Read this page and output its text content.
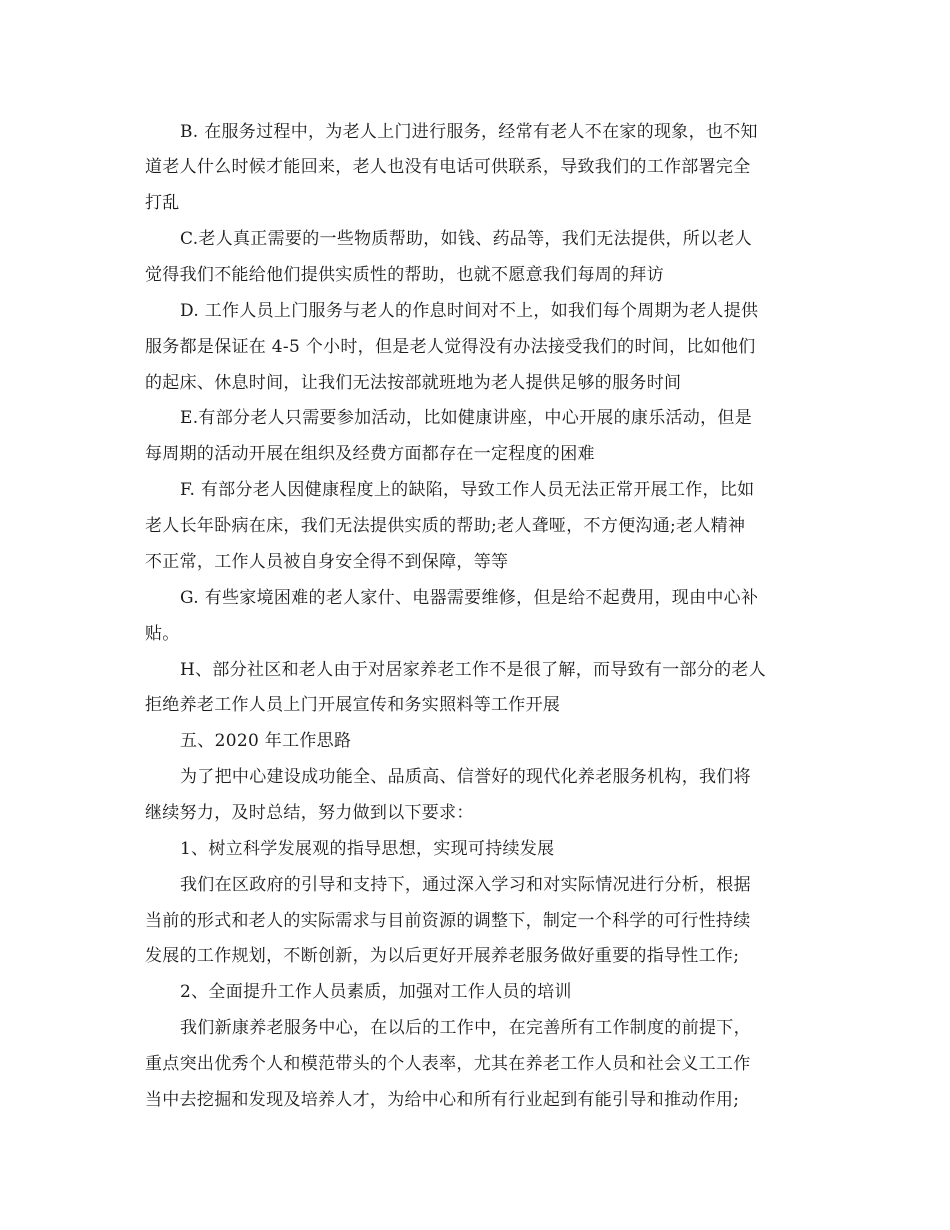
B. 在服务过程中，为老人上门进行服务，经常有老人不在家的现象，也不知
道老人什么时候才能回来，老人也没有电话可供联系，导致我们的工作部署完全
打乱
C.老人真正需要的一些物质帮助，如钱、药品等，我们无法提供，所以老人
觉得我们不能给他们提供实质性的帮助，也就不愿意我们每周的拜访
D. 工作人员上门服务与老人的作息时间对不上，如我们每个周期为老人提供
服务都是保证在 4-5 个小时，但是老人觉得没有办法接受我们的时间，比如他们
的起床、休息时间，让我们无法按部就班地为老人提供足够的服务时间
E.有部分老人只需要参加活动，比如健康讲座，中心开展的康乐活动，但是
每周期的活动开展在组织及经费方面都存在一定程度的困难
F. 有部分老人因健康程度上的缺陷，导致工作人员无法正常开展工作，比如
老人长年卧病在床，我们无法提供实质的帮助;老人聋哑，不方便沟通;老人精神
不正常，工作人员被自身安全得不到保障，等等
G. 有些家境困难的老人家什、电器需要维修，但是给不起费用，现由中心补
贴。
H、部分社区和老人由于对居家养老工作不是很了解，而导致有一部分的老人
拒绝养老工作人员上门开展宣传和务实照料等工作开展
五、2020 年工作思路
为了把中心建设成功能全、品质高、信誉好的现代化养老服务机构，我们将
继续努力，及时总结，努力做到以下要求：
1、树立科学发展观的指导思想，实现可持续发展
我们在区政府的引导和支持下，通过深入学习和对实际情况进行分析，根据
当前的形式和老人的实际需求与目前资源的调整下，制定一个科学的可行性持续
发展的工作规划，不断创新，为以后更好开展养老服务做好重要的指导性工作;
2、全面提升工作人员素质，加强对工作人员的培训
我们新康养老服务中心，在以后的工作中，在完善所有工作制度的前提下，
重点突出优秀个人和模范带头的个人表率，尤其在养老工作人员和社会义工工作
当中去挖掘和发现及培养人才，为给中心和所有行业起到有能引导和推动作用;
